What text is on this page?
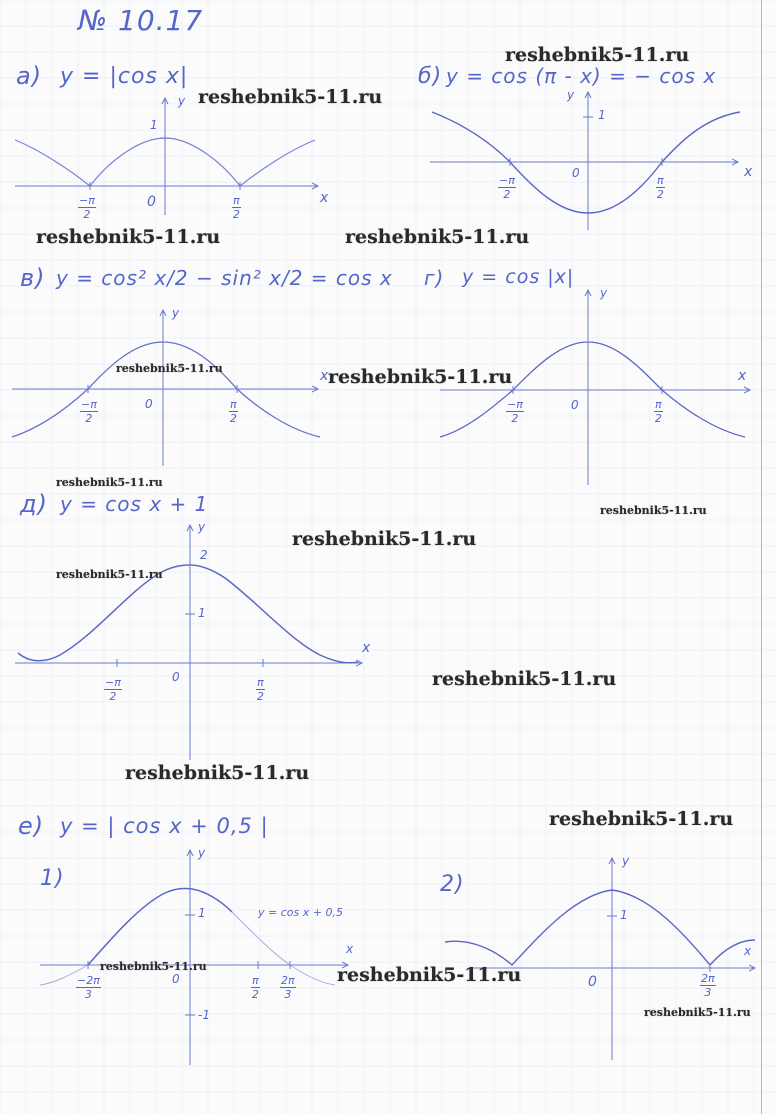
№ 10.17
а) y = |cos x|
y
x
1
0
$\frac{-\pi}{2}$	$\frac{\pi}{2}$
б) y = cos (π - x) = − cos x
y
x
1
0
$\frac{-\pi}{2}$	$\frac{\pi}{2}$
в) y = cos² x/2 − sin² x/2 = cos x
y
x
0
$\frac{-\pi}{2}$	$\frac{\pi}{2}$
г) y = cos |x|
y
x
0
$\frac{-\pi}{2}$	$\frac{\pi}{2}$
д) y = cos x + 1
y
x
2
1
0
$\frac{-\pi}{2}$	$\frac{\pi}{2}$
е) y = | cos x + 0,5 |
1)
y
x
1
-1
0
y = cos x + 0,5
$\frac{-2\pi}{3}$	$\frac{\pi}{2} \frac{2\pi}{3}$
2)
y
x
1
0	$\frac{2\pi}{3}$
reshebnik5-11.ru
reshebnik5-11.ru
reshebnik5-11.ru	reshebnik5-11.ru
reshebnik5-11.ru	reshebnik5-11.ru
reshebnik5-11.ru
reshebnik5-11.ru
reshebnik5-11.ru
reshebnik5-11.ru
reshebnik5-11.ru
reshebnik5-11.ru
reshebnik5-11.ru
reshebnik5-11.ru	reshebnik5-11.ru
reshebnik5-11.ru
